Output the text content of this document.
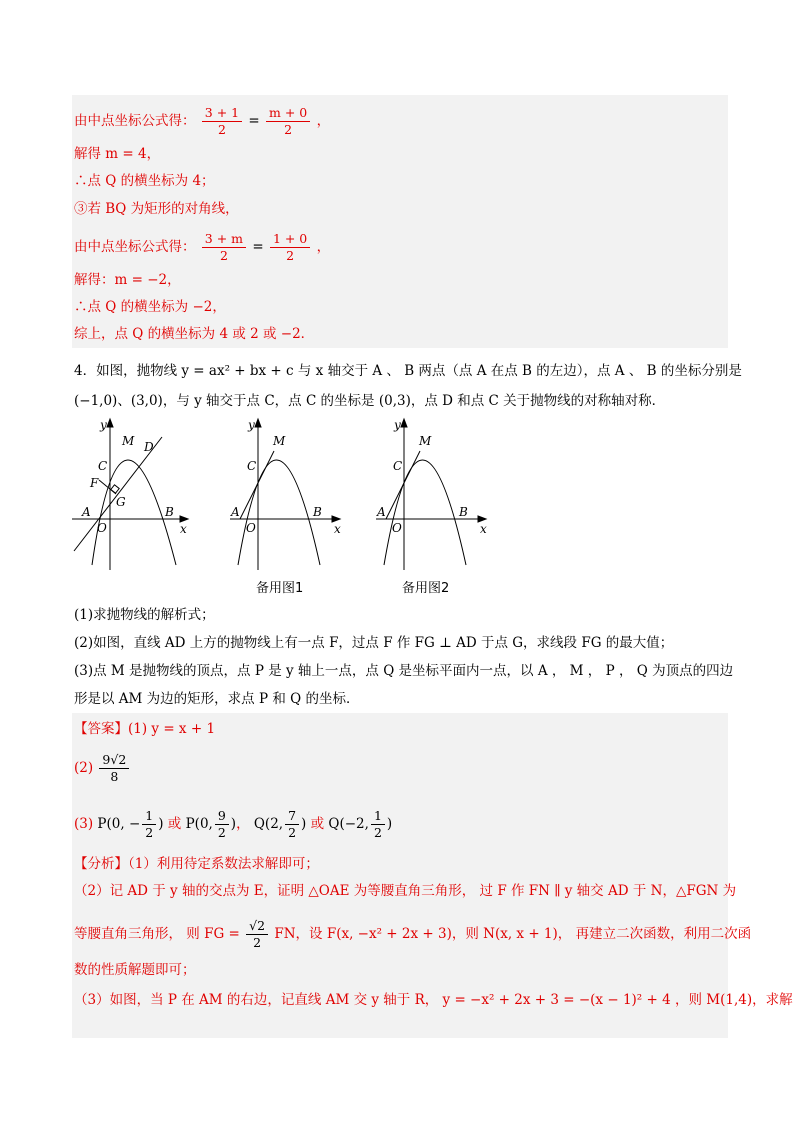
由中点坐标公式得： $\frac{3 + 1}{2} = \frac{m + 0}{2}$ ，
解得 m = 4，
∴点 Q 的横坐标为 4；
③若 BQ 为矩形的对角线，
由中点坐标公式得： $\frac{3 + m}{2} = \frac{1 + 0}{2}$ ，
解得：m = −2，
∴点 Q 的横坐标为 −2，
综上，点 Q 的横坐标为 4 或 2 或 −2．
4．如图，抛物线 y = ax² + bx + c 与 x 轴交于 A 、 B 两点（点 A 在点 B 的左边），点 A 、 B 的坐标分别是
(−1,0)、(3,0)，与 y 轴交于点 C，点 C 的坐标是 (0,3)，点 D 和点 C 关于抛物线的对称轴对称．
y
x
O
A	B
C
M D
F
G
y
x
O
A	B
C
M
备用图1
y
x
O
A	B
C
M
备用图2
(1)求抛物线的解析式；
(2)如图，直线 AD 上方的抛物线上有一点 F，过点 F 作 FG ⊥ AD 于点 G，求线段 FG 的最大值；
(3)点 M 是抛物线的顶点，点 P 是 y 轴上一点，点 Q 是坐标平面内一点，以 A ， M ， P ， Q 为顶点的四边
形是以 AM 为边的矩形，求点 P 和 Q 的坐标．
【答案】(1) y = x + 1
$(2) \frac{9√2}{8}$
(3) P(0, − $\frac{1}{2}$ ) 或 P(0, $\frac{9}{2}$ )， Q(2, $\frac{7}{2}$ ) 或 Q(−2, $\frac{1}{2}$ )
【分析】（1）利用待定系数法求解即可；
（2）记 AD 于 y 轴的交点为 E，证明 △OAE 为等腰直角三角形， 过 F 作 FN ∥ y 轴交 AD 于 N，△FGN 为
等腰直角三角形， 则 FG = $\frac{√2}{2}$ FN，设 F(x, −x² + 2x + 3)，则 N(x, x + 1)， 再建立二次函数，利用二次函
数的性质解题即可；
（3）如图，当 P 在 AM 的右边，记直线 AM 交 y 轴于 R， y = −x² + 2x + 3 = −(x − 1)² + 4 ，则 M(1,4)，求解
